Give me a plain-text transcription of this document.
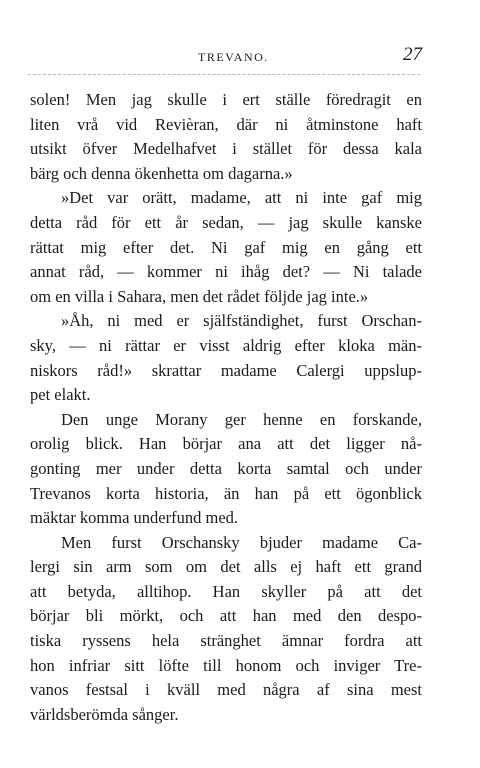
TREVANO.	27
solen! Men jag skulle i ert ställe föredragit en
liten vrå vid Revièran, där ni åtminstone haft
utsikt öfver Medelhafvet i stället för dessa kala
bärg och denna ökenhetta om dagarna.»
»Det var orätt, madame, att ni inte gaf mig
detta råd för ett år sedan, — jag skulle kanske
rättat mig efter det. Ni gaf mig en gång ett
annat råd, — kommer ni ihåg det? — Ni talade
om en villa i Sahara, men det rådet följde jag inte.»
»Åh, ni med er själfständighet, furst Orschan-
sky, — ni rättar er visst aldrig efter kloka män-
niskors råd!» skrattar madame Calergi uppslup-
pet elakt.
Den unge Morany ger henne en forskande,
orolig blick. Han börjar ana att det ligger nå-
gonting mer under detta korta samtal och under
Trevanos korta historia, än han på ett ögonblick
mäktar komma underfund med.
Men furst Orschansky bjuder madame Ca-
lergi sin arm som om det alls ej haft ett grand
att betyda, alltihop. Han skyller på att det
börjar bli mörkt, och att han med den despo-
tiska ryssens hela stränghet ämnar fordra att
hon infriar sitt löfte till honom och inviger Tre-
vanos festsal i kväll med några af sina mest
världsberömda sånger.
